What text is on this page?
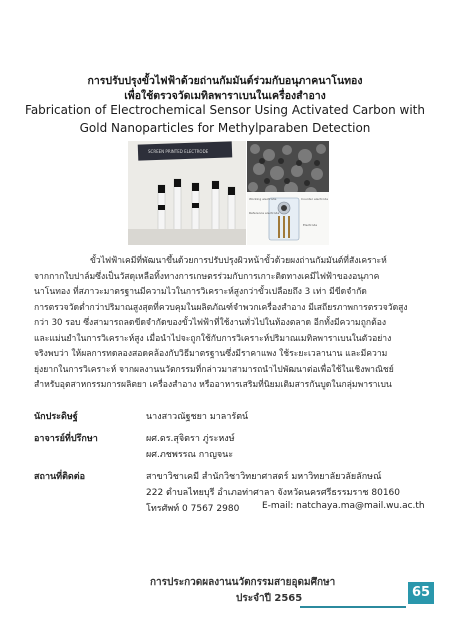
การปรับปรุงขั้วไฟฟ้าด้วยถ่านกัมมันต์ร่วมกับอนุภาคนาโนทอง
เพื่อใช้ตรวจวัดเมทิลพาราเบนในเครื่องสำอาง
Fabrication of Electrochemical Sensor Using Activated Carbon with
Gold Nanoparticles for Methylparaben Detection
SCREEN PRINTED ELECTRODE
Working electrode	Counter electrode
Reference electrode
Electrode
ขั้วไฟฟ้าเคมีที่พัฒนาขึ้นด้วยการปรับปรุงผิวหน้าขั้วด้วยผงถ่านกัมมันต์ที่สังเคราะห์
จากกากใบปาล์มซึ่งเป็นวัสดุเหลือทิ้งทางการเกษตรร่วมกับการเกาะติดทางเคมีไฟฟ้าของอนุภาค
นาโนทอง ที่สภาวะมาตรฐานมีความไวในการวิเคราะห์สูงกว่าขั้วเปลือยถึง 3 เท่า มีขีดจำกัด
การตรวจวัดต่ำกว่าปริมาณสูงสุดที่ควบคุมในผลิตภัณฑ์จำพวกเครื่องสำอาง มีเสถียรภาพการตรวจวัดสูง
กว่า 30 รอบ ซึ่งสามารถลดขีดจำกัดของขั้วไฟฟ้าที่ใช้งานทั่วไปในท้องตลาด อีกทั้งมีความถูกต้อง
และแม่นยำในการวิเคราะห์สูง เมื่อนำไปจะถูกใช้กับการวิเคราะห์ปริมาณเมทิลพาราเบนในตัวอย่าง
จริงพบว่า ให้ผลการทดลองสอดคล้องกับวิธีมาตรฐานซึ่งมีราคาแพง ใช้ระยะเวลานาน และมีความ
ยุ่งยากในการวิเคราะห์ จากผลงานนวัตกรรมที่กล่าวมาสามารถนำไปพัฒนาต่อเพื่อใช้ในเชิงพาณิชย์
สำหรับอุตสาหกรรมการผลิตยา เครื่องสำอาง หรืออาหารเสริมที่นิยมเติมสารกันบูดในกลุ่มพาราเบน
นักประดิษฐ์	นางสาวณัฐชยา มาลารัตน์
อาจารย์ที่ปรึกษา	ผศ.ดร.สุจิตรา ภู่ระหงษ์
ผศ.ภชพรรณ กาญจนะ
สถานที่ติดต่อ	สาขาวิชาเคมี สำนักวิชาวิทยาศาสตร์ มหาวิทยาลัยวลัยลักษณ์
222 ตำบลไทยบุรี อำเภอท่าศาลา จังหวัดนครศรีธรรมราช 80160
โทรศัพท์ 0 7567 2980	E-mail: natchaya.ma@mail.wu.ac.th
การประกวดผลงานนวัตกรรมสายอุดมศึกษา
ประจำปี 2565	65
